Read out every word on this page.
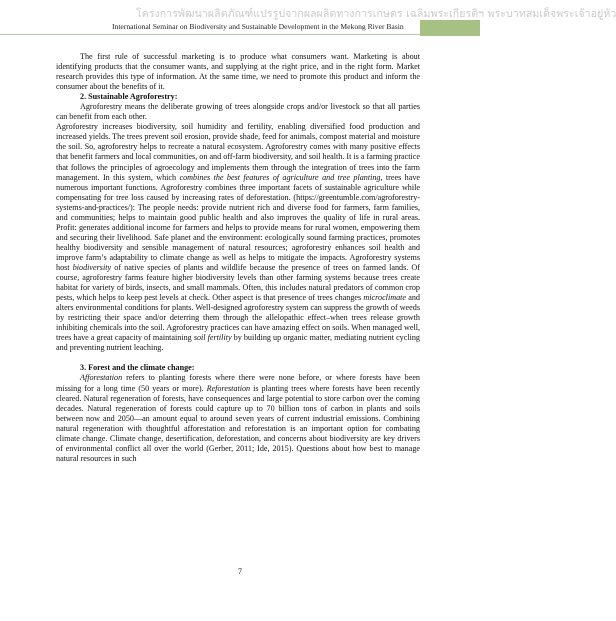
โครงการพัฒนาผลิตภัณฑ์แปรรูปจากผลผลิตทางการเกษตร เฉลิมพระเกียรติฯ พระบาทสมเด็จพระเจ้าอยู่หัว
International Seminar on Biodiversity and Sustainable Development in the Mekong River Basin

The first rule of successful marketing is to produce what consumers want. Marketing is about identifying products that the consumer wants, and supplying at the right price, and in the right form. Market research provides this type of information. At the same time, we need to promote this product and inform the consumer about the benefits of it.

2. Sustainable Agroforestry:

Agroforestry means the deliberate growing of trees alongside crops and/or livestock so that all parties can benefit from each other.

Agroforestry increases biodiversity, soil humidity and fertility, enabling diversified food production and increased yields. The trees prevent soil erosion, provide shade, feed for animals, compost material and moisture the soil. So, agroforestry helps to recreate a natural ecosystem. Agroforestry comes with many positive effects that benefit farmers and local communities, on and off-farm biodiversity, and soil health. It is a farming practice that follows the principles of agroecology and implements them through the integration of trees into the farm management. In this system, which combines the best features of agriculture and tree planting, trees have numerous important functions. Agroforestry combines three important facets of sustainable agriculture while compensating for tree loss caused by increasing rates of deforestation. (https://greentumble.com/agroforestry-systems-and-practices/): The people needs: provide nutrient rich and diverse food for farmers, farm families, and communities; helps to maintain good public health and also improves the quality of life in rural areas. Profit: generates additional income for farmers and helps to provide means for rural women, empowering them and securing their livelihood. Safe planet and the environment: ecologically sound farming practices, promotes healthy biodiversity and sensible management of natural resources; agroforestry enhances soil health and improve farm’s adaptability to climate change as well as helps to mitigate the impacts. Agroforestry systems host biodiversity of native species of plants and wildlife because the presence of trees on farmed lands. Of course, agroforestry farms feature higher biodiversity levels than other farming systems because trees create habitat for variety of birds, insects, and small mammals. Often, this includes natural predators of common crop pests, which helps to keep pest levels at check. Other aspect is that presence of trees changes microclimate and alters environmental conditions for plants. Well-designed agroforestry system can suppress the growth of weeds by restricting their space and/or deterring them through the allelopathic effect–when trees release growth inhibiting chemicals into the soil. Agroforestry practices can have amazing effect on soils. When managed well, trees have a great capacity of maintaining soil fertility by building up organic matter, mediating nutrient cycling and preventing nutrient leaching.

3. Forest and the climate change:

Afforestation refers to planting forests where there were none before, or where forests have been missing for a long time (50 years or more). Reforestation is planting trees where forests have been recently cleared. Natural regeneration of forests, have consequences and large potential to store carbon over the coming decades. Natural regeneration of forests could capture up to 70 billion tons of carbon in plants and soils between now and 2050—an amount equal to around seven years of current industrial emissions. Combining natural regeneration with thoughtful afforestation and reforestation is an important option for combating climate change. Climate change, desertification, deforestation, and concerns about biodiversity are key drivers of environmental conflict all over the world (Gerber, 2011; Ide, 2015). Questions about how best to manage natural resources in such

7
